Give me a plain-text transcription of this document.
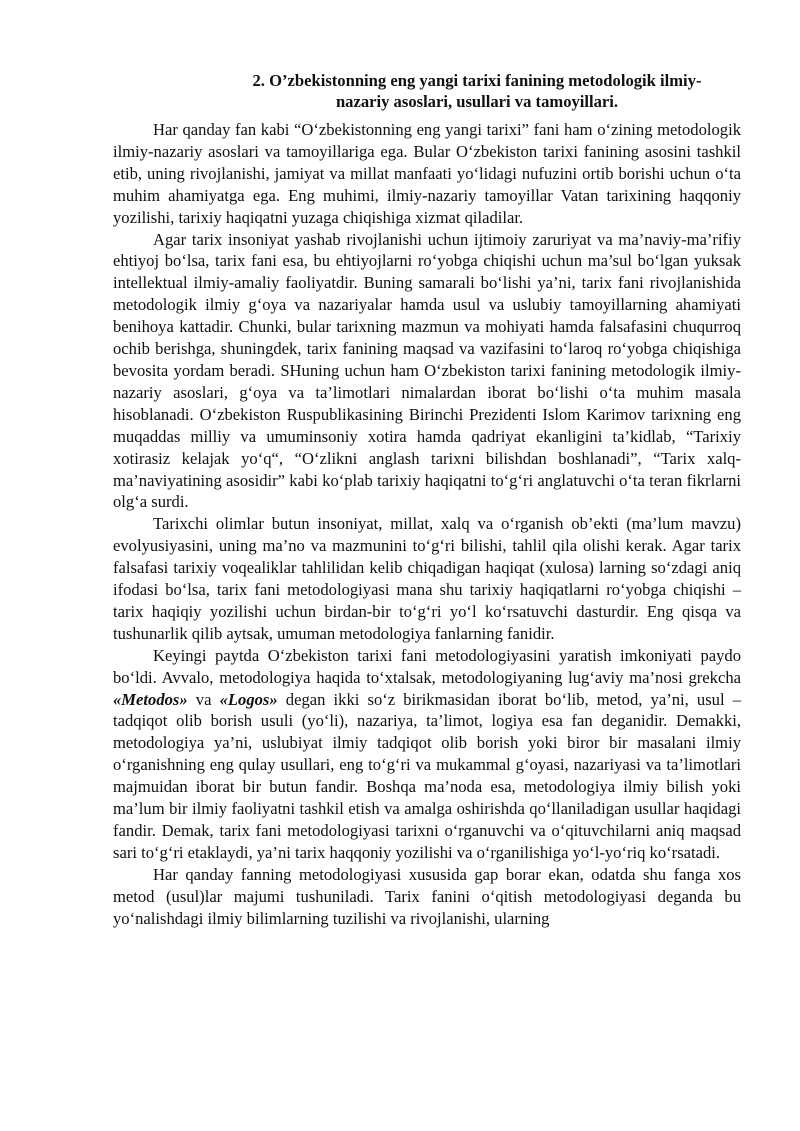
2. O’zbekistonning eng yangi tarixi fanining metodologik ilmiy-
nazariy asoslari, usullari va tamoyillari.

Har qanday fan kabi “O‘zbekistonning eng yangi tarixi” fani ham o‘zining metodologik ilmiy-nazariy asoslari va tamoyillariga ega. Bular O‘zbekiston tarixi fanining asosini tashkil etib, uning rivojlanishi, jamiyat va millat manfaati yo‘lidagi nufuzini ortib borishi uchun o‘ta muhim ahamiyatga ega. Eng muhimi, ilmiy-nazariy tamoyillar Vatan tarixining haqqoniy yozilishi, tarixiy haqiqatni yuzaga chiqishiga xizmat qiladilar.

Agar tarix insoniyat yashab rivojlanishi uchun ijtimoiy zaruriyat va ma’naviy-ma’rifiy ehtiyoj bo‘lsa, tarix fani esa, bu ehtiyojlarni ro‘yobga chiqishi uchun ma’sul bo‘lgan yuksak intellektual ilmiy-amaliy faoliyatdir. Buning samarali bo‘lishi ya’ni, tarix fani rivojlanishida metodologik ilmiy g‘oya va nazariyalar hamda usul va uslubiy tamoyillarning ahamiyati benihoya kattadir. Chunki, bular tarixning mazmun va mohiyati hamda falsafasini chuqurroq ochib berishga, shuningdek, tarix fanining maqsad va vazifasini to‘laroq ro‘yobga chiqishiga bevosita yordam beradi. SHuning uchun ham O‘zbekiston tarixi fanining metodologik ilmiy-nazariy asoslari, g‘oya va ta’limotlari nimalardan iborat bo‘lishi o‘ta muhim masala hisoblanadi. O‘zbekiston Ruspublikasining Birinchi Prezidenti Islom Karimov tarixning eng muqaddas milliy va umuminsoniy xotira hamda qadriyat ekanligini ta’kidlab, “Tarixiy xotirasiz kelajak yo‘q“, “O‘zlikni anglash tarixni bilishdan boshlanadi”, “Tarix xalq-ma’naviyatining asosidir” kabi ko‘plab tarixiy haqiqatni to‘g‘ri anglatuvchi o‘ta teran fikrlarni olg‘a surdi.

Tarixchi olimlar butun insoniyat, millat, xalq va o‘rganish ob’ekti (ma’lum mavzu) evolyusiyasini, uning ma’no va mazmunini to‘g‘ri bilishi, tahlil qila olishi kerak. Agar tarix falsafasi tarixiy voqealiklar tahlilidan kelib chiqadigan haqiqat (xulosa) larning so‘zdagi aniq ifodasi bo‘lsa, tarix fani metodologiyasi mana shu tarixiy haqiqatlarni ro‘yobga chiqishi – tarix haqiqiy yozilishi uchun birdan-bir to‘g‘ri yo‘l ko‘rsatuvchi dasturdir. Eng qisqa va tushunarlik qilib aytsak, umuman metodologiya fanlarning fanidir.

Keyingi paytda O‘zbekiston tarixi fani metodologiyasini yaratish imkoniyati paydo bo‘ldi. Avvalo, metodologiya haqida to‘xtalsak, metodologiyaning lug‘aviy ma’nosi grekcha «Metodos» va «Logos» degan ikki so‘z birikmasidan iborat bo‘lib, metod, ya’ni, usul – tadqiqot olib borish usuli (yo‘li), nazariya, ta’limot, logiya esa fan deganidir. Demakki, metodologiya ya’ni, uslubiyat ilmiy tadqiqot olib borish yoki biror bir masalani ilmiy o‘rganishning eng qulay usullari, eng to‘g‘ri va mukammal g‘oyasi, nazariyasi va ta’limotlari majmuidan iborat bir butun fandir. Boshqa ma’noda esa, metodologiya ilmiy bilish yoki ma’lum bir ilmiy faoliyatni tashkil etish va amalga oshirishda qo‘llaniladigan usullar haqidagi fandir. Demak, tarix fani metodologiyasi tarixni o‘rganuvchi va o‘qituvchilarni aniq maqsad sari to‘g‘ri etaklaydi, ya’ni tarix haqqoniy yozilishi va o‘rganilishiga yo‘l-yo‘riq ko‘rsatadi.

Har qanday fanning metodologiyasi xususida gap borar ekan, odatda shu fanga xos metod (usul)lar majumi tushuniladi. Tarix fanini o‘qitish metodologiyasi deganda bu yo‘nalishdagi ilmiy bilimlarning tuzilishi va rivojlanishi, ularning
